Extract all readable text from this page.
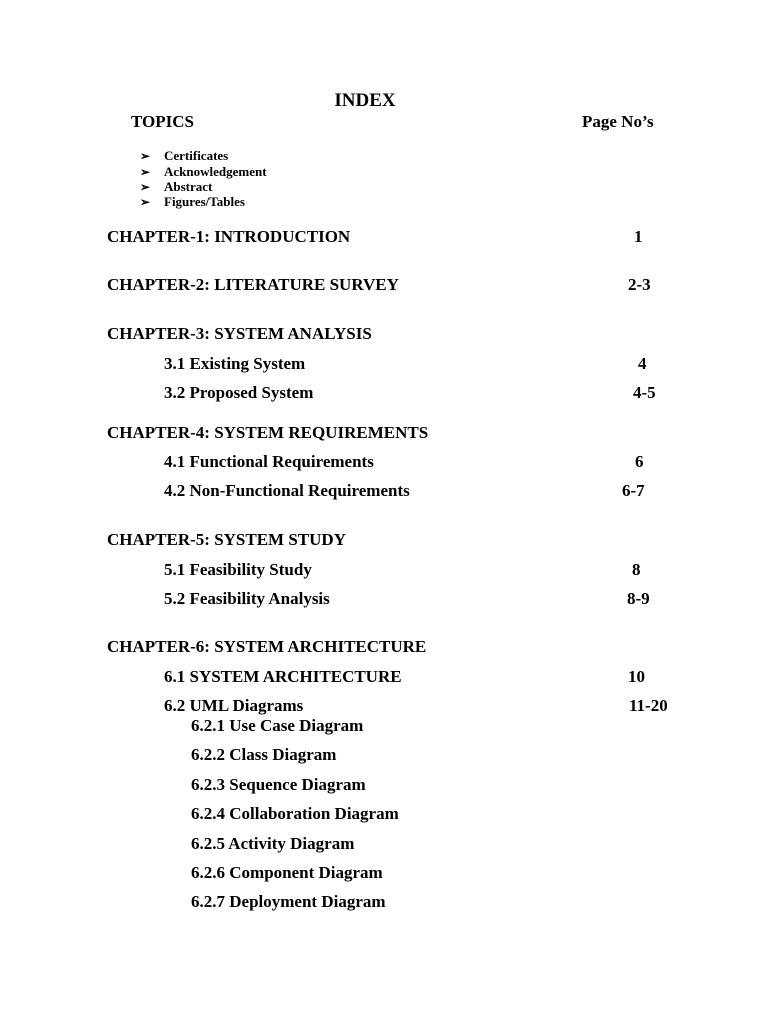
INDEX
TOPICS	Page No’s
➢ Certificates
➢ Acknowledgement
➢ Abstract
➢ Figures/Tables
CHAPTER-1: INTRODUCTION	1
CHAPTER-2: LITERATURE SURVEY	2-3
CHAPTER-3: SYSTEM ANALYSIS
3.1 Existing System	4
3.2 Proposed System	4-5
CHAPTER-4: SYSTEM REQUIREMENTS
4.1 Functional Requirements	6
4.2 Non-Functional Requirements	6-7
CHAPTER-5: SYSTEM STUDY
5.1 Feasibility Study	8
5.2 Feasibility Analysis	8-9
CHAPTER-6: SYSTEM ARCHITECTURE
6.1 SYSTEM ARCHITECTURE	10
6.2 UML Diagrams	11-20
6.2.1 Use Case Diagram
6.2.2 Class Diagram
6.2.3 Sequence Diagram
6.2.4 Collaboration Diagram
6.2.5 Activity Diagram
6.2.6 Component Diagram
6.2.7 Deployment Diagram
